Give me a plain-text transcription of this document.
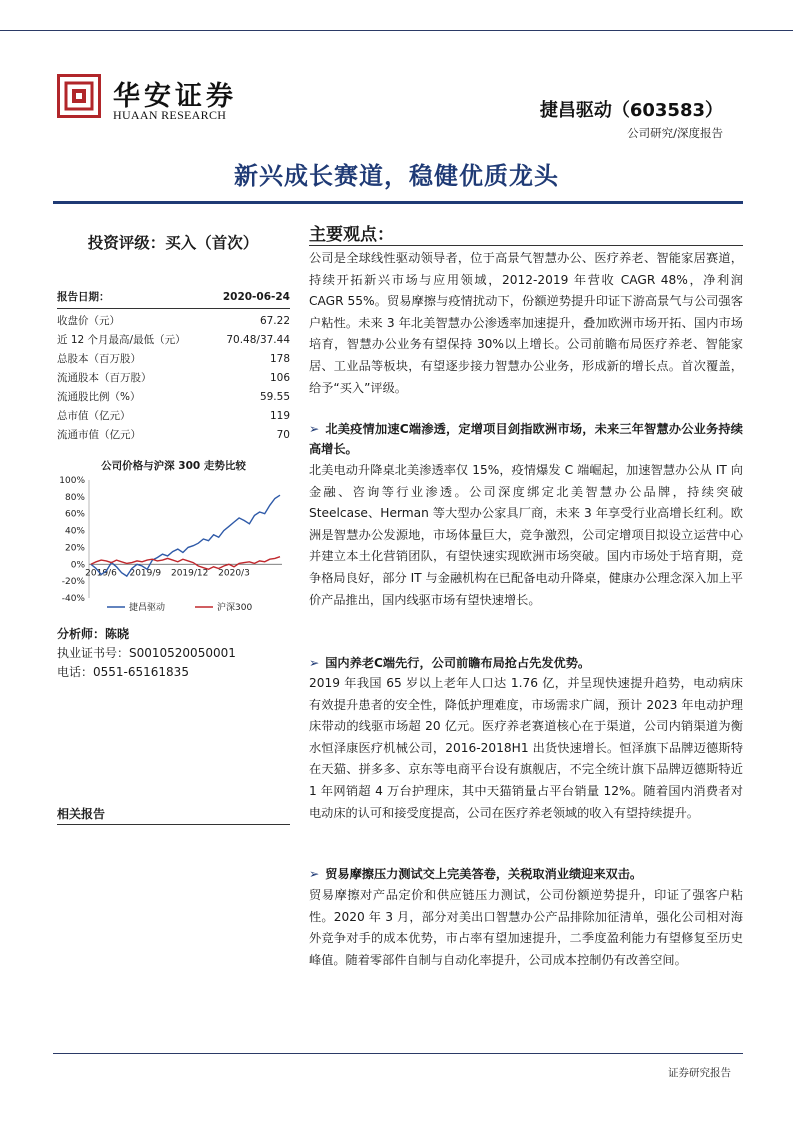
华安证券
HUAAN RESEARCH	捷昌驱动（603583）
公司研究/深度报告
新兴成长赛道，稳健优质龙头
投资评级：买入（首次）
报告日期：	2020-06-24
收盘价（元）	67.22
近 12 个月最高/最低（元）	70.48/37.44
总股本（百万股）	178
流通股本（百万股）	106
流通股比例（%）	59.55
总市值（亿元）	119
流通市值（亿元）	70
公司价格与沪深 300 走势比较
100%
80%
60%
40%
20%
0%
-20%
-40%
2019/6 2019/9 2019/12 2020/3
捷昌驱动	沪深300
分析师：陈晓
执业证书号：S0010520050001
电话：0551-65161835
相关报告
主要观点：
公司是全球线性驱动领导者，位于高景气智慧办公、医疗养老、智能家居赛道，持续开拓新兴市场与应用领域，2012-2019 年营收 CAGR 48%，净利润 CAGR 55%。贸易摩擦与疫情扰动下，份额逆势提升印证下游高景气与公司强客户粘性。未来 3 年北美智慧办公渗透率加速提升，叠加欧洲市场开拓、国内市场培育，智慧办公业务有望保持 30%以上增长。公司前瞻布局医疗养老、智能家居、工业品等板块，有望逐步接力智慧办公业务，形成新的增长点。首次覆盖，给予“买入”评级。
➢ 北美疫情加速C端渗透，定增项目剑指欧洲市场，未来三年智慧办公业务持续高增长。
北美电动升降桌北美渗透率仅 15%，疫情爆发 C 端崛起，加速智慧办公从 IT 向金融、咨询等行业渗透。公司深度绑定北美智慧办公品牌，持续突破 Steelcase、Herman 等大型办公家具厂商，未来 3 年享受行业高增长红利。欧洲是智慧办公发源地，市场体量巨大，竞争激烈，公司定增项目拟设立运营中心并建立本土化营销团队，有望快速实现欧洲市场突破。国内市场处于培育期，竞争格局良好，部分 IT 与金融机构在已配备电动升降桌，健康办公理念深入加上平价产品推出，国内线驱市场有望快速增长。
➢ 国内养老C端先行，公司前瞻布局抢占先发优势。
2019 年我国 65 岁以上老年人口达 1.76 亿，并呈现快速提升趋势，电动病床有效提升患者的安全性，降低护理难度，市场需求广阔，预计 2023 年电动护理床带动的线驱市场超 20 亿元。医疗养老赛道核心在于渠道，公司内销渠道为衡水恒泽康医疗机械公司，2016-2018H1 出货快速增长。恒泽旗下品牌迈德斯特在天猫、拼多多、京东等电商平台设有旗舰店，不完全统计旗下品牌迈德斯特近 1 年网销超 4 万台护理床，其中天猫销量占平台销量 12%。随着国内消费者对电动床的认可和接受度提高，公司在医疗养老领域的收入有望持续提升。
➢ 贸易摩擦压力测试交上完美答卷，关税取消业绩迎来双击。
贸易摩擦对产品定价和供应链压力测试，公司份额逆势提升，印证了强客户粘性。2020 年 3 月，部分对美出口智慧办公产品排除加征清单，强化公司相对海外竞争对手的成本优势，市占率有望加速提升，二季度盈利能力有望修复至历史峰值。随着零部件自制与自动化率提升，公司成本控制仍有改善空间。
证券研究报告
